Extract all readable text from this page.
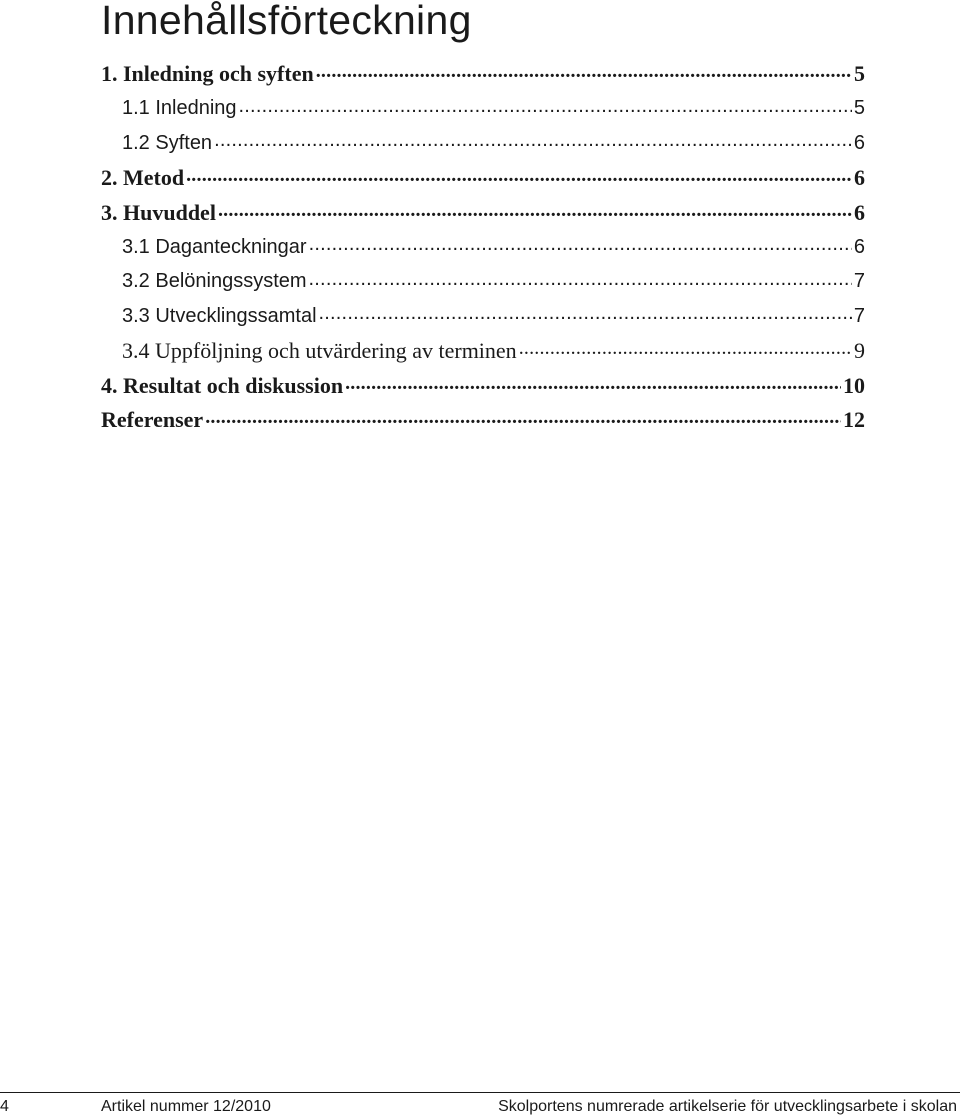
Innehållsförteckning
1. Inledning och syften .....	5
1.1 Inledning .....	5
1.2 Syften .....	6
2. Metod .....	6
3. Huvuddel .....	6
3.1 Daganteckningar .....	6
3.2 Belöningssystem .....	7
3.3 Utvecklingssamtal .....	7
3.4 Uppföljning och utvärdering av terminen .....	9
4. Resultat och diskussion .....	10
Referenser .....	12
4	Artikel nummer 12/2010	Skolportens numrerade artikelserie för utvecklingsarbete i skolan
